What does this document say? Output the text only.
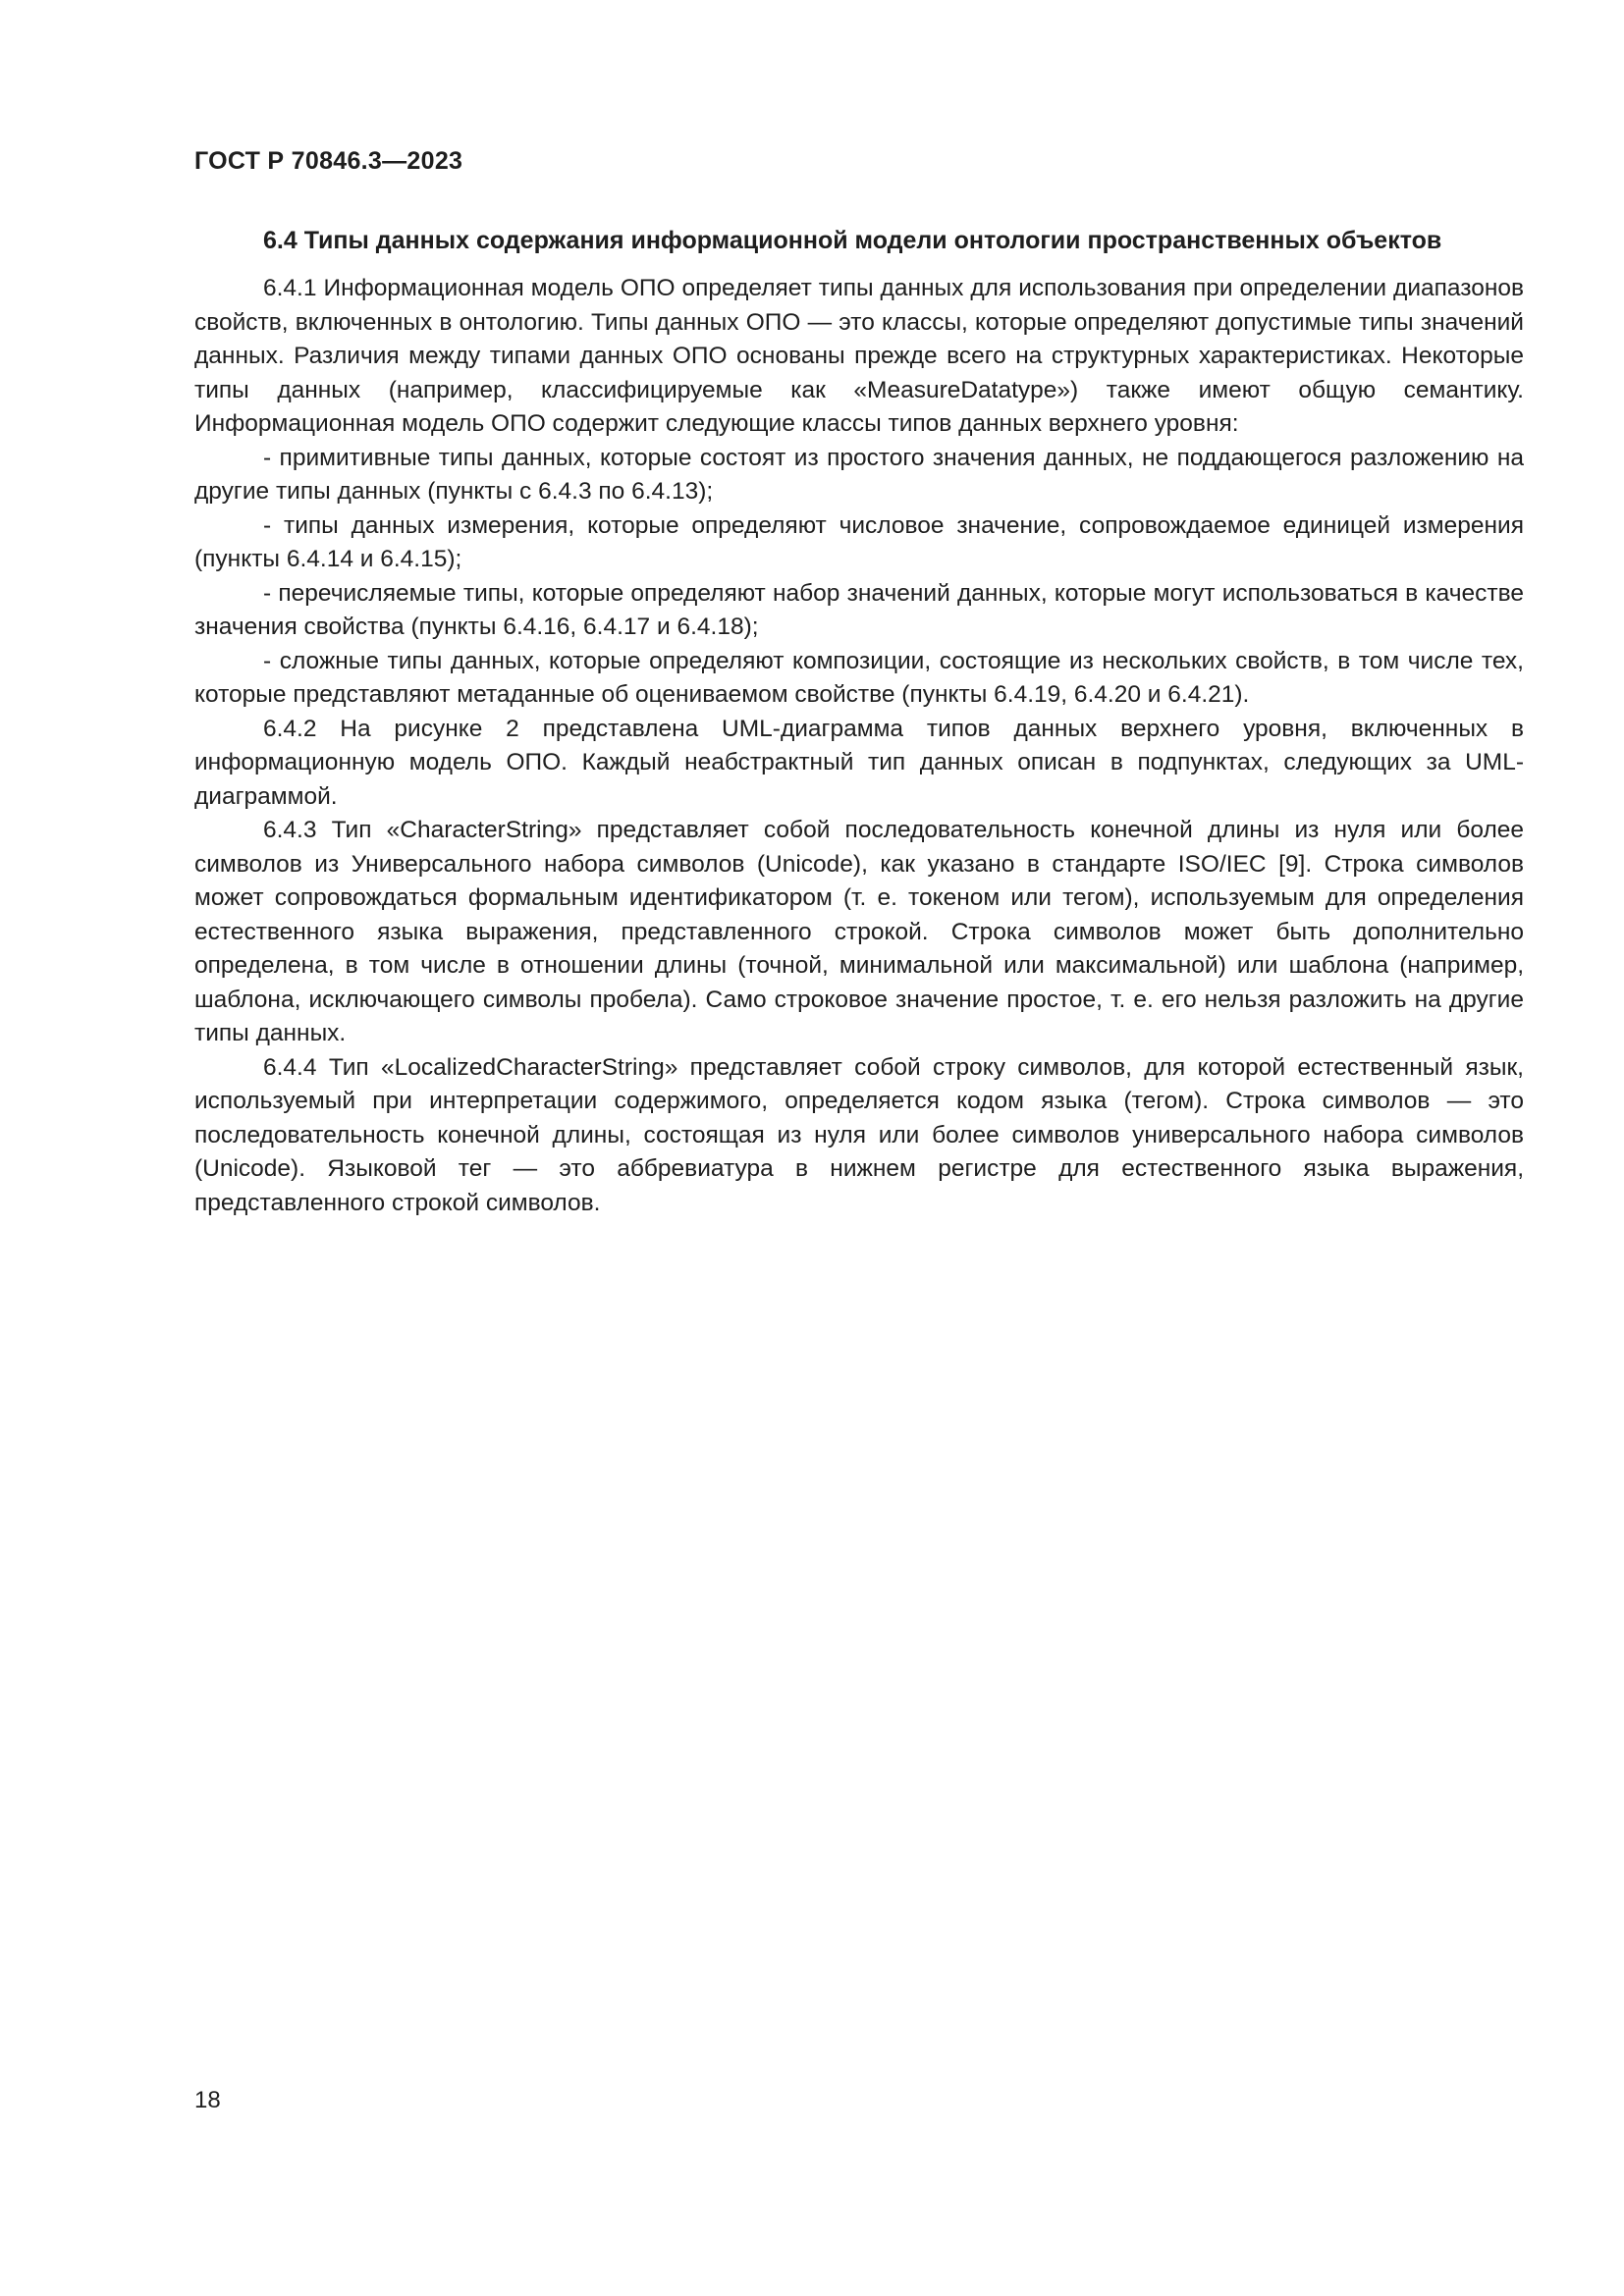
ГОСТ Р 70846.3—2023

6.4 Типы данных содержания информационной модели онтологии пространственных объектов

6.4.1 Информационная модель ОПО определяет типы данных для использования при определении диапазонов свойств, включенных в онтологию. Типы данных ОПО — это классы, которые определяют допустимые типы значений данных. Различия между типами данных ОПО основаны прежде всего на структурных характеристиках. Некоторые типы данных (например, классифицируемые как «MeasureDatatype») также имеют общую семантику. Информационная модель ОПО содержит следующие классы типов данных верхнего уровня:

- примитивные типы данных, которые состоят из простого значения данных, не поддающегося разложению на другие типы данных (пункты с 6.4.3 по 6.4.13);

- типы данных измерения, которые определяют числовое значение, сопровождаемое единицей измерения (пункты 6.4.14 и 6.4.15);

- перечисляемые типы, которые определяют набор значений данных, которые могут использоваться в качестве значения свойства (пункты 6.4.16, 6.4.17 и 6.4.18);

- сложные типы данных, которые определяют композиции, состоящие из нескольких свойств, в том числе тех, которые представляют метаданные об оцениваемом свойстве (пункты 6.4.19, 6.4.20 и 6.4.21).

6.4.2 На рисунке 2 представлена UML-диаграмма типов данных верхнего уровня, включенных в информационную модель ОПО. Каждый неабстрактный тип данных описан в подпунктах, следующих за UML-диаграммой.

6.4.3 Тип «CharacterString» представляет собой последовательность конечной длины из нуля или более символов из Универсального набора символов (Unicode), как указано в стандарте ISO/IEC [9]. Строка символов может сопровождаться формальным идентификатором (т. е. токеном или тегом), используемым для определения естественного языка выражения, представленного строкой. Строка символов может быть дополнительно определена, в том числе в отношении длины (точной, минимальной или максимальной) или шаблона (например, шаблона, исключающего символы пробела). Само строковое значение простое, т. е. его нельзя разложить на другие типы данных.

6.4.4 Тип «LocalizedCharacterString» представляет собой строку символов, для которой естественный язык, используемый при интерпретации содержимого, определяется кодом языка (тегом). Строка символов — это последовательность конечной длины, состоящая из нуля или более символов универсального набора символов (Unicode). Языковой тег — это аббревиатура в нижнем регистре для естественного языка выражения, представленного строкой символов.

18
